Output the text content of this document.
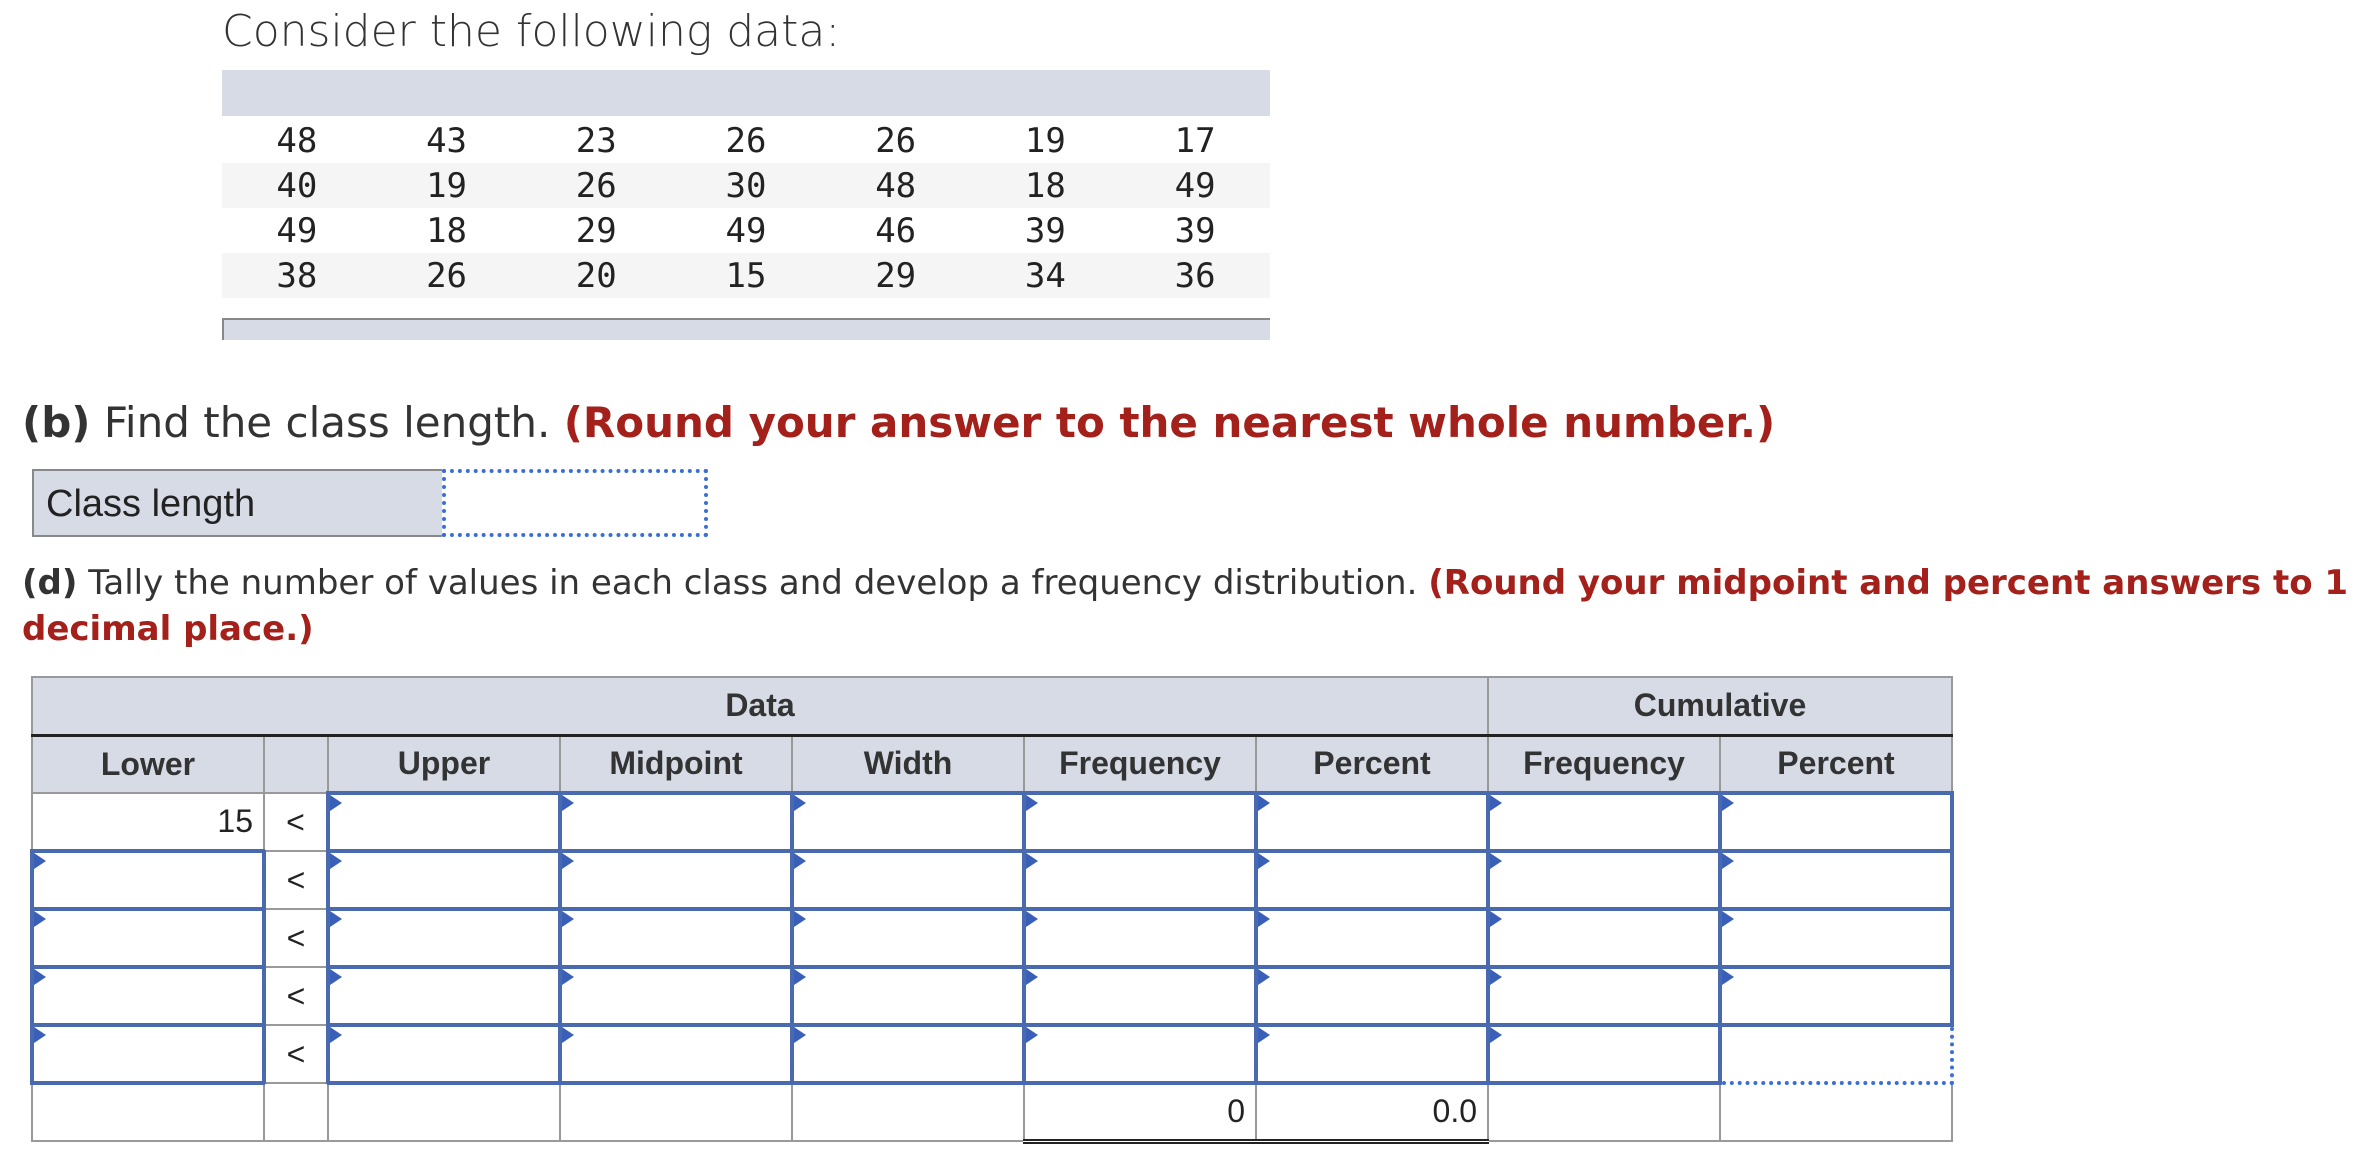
Consider the following data:
48	43	23	26	26	19	17
40	19	26	30	48	18	49
49	18	29	49	46	39	39
38	26	20	15	29	34	36
(b) Find the class length. (Round your answer to the nearest whole number.)
Class length
(d) Tally the number of values in each class and develop a frequency distribution. (Round your midpoint and percent answers to 1 decimal place.)
Data							Cumulative	
Lower		Upper	Midpoint	Width	Frequency	Percent	Frequency	Percent
15	<							
	<							
	<							
	<							
	<							
					0	0.0		
